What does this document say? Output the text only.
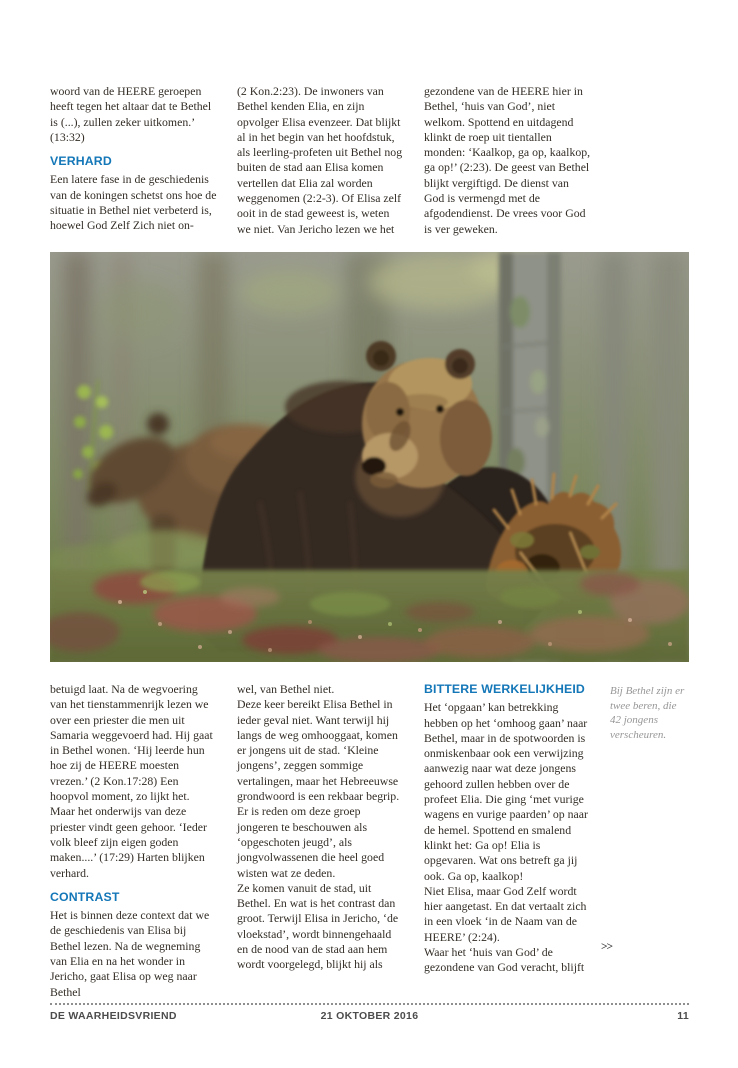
woord van de HEERE geroepen heeft tegen het altaar dat te Bethel is (...), zullen zeker uitkomen.’ (13:32)

VERHARD

Een latere fase in de geschiedenis van de koningen schetst ons hoe de situatie in Bethel niet verbeterd is, hoewel God Zelf Zich niet on-

(2 Kon.2:23). De inwoners van Bethel kenden Elia, en zijn opvolger Elisa evenzeer. Dat blijkt al in het begin van het hoofdstuk, als leerling-profeten uit Bethel nog buiten de stad aan Elisa komen vertellen dat Elia zal worden weggenomen (2:2-3). Of Elisa zelf ooit in de stad geweest is, weten we niet. Van Jericho lezen we het

gezondene van de HEERE hier in Bethel, ‘huis van God’, niet welkom. Spottend en uitdagend klinkt de roep uit tientallen monden: ‘Kaalkop, ga op, kaalkop, ga op!’ (2:23). De geest van Bethel blijkt vergiftigd. De dienst van God is vermengd met de afgodendienst. De vrees voor God is ver geweken.

betuigd laat. Na de wegvoering van het tienstammenrijk lezen we over een priester die men uit Samaria weggevoerd had. Hij gaat in Bethel wonen. ‘Hij leerde hun hoe zij de HEERE moesten vrezen.’ (2 Kon.17:28) Een hoopvol moment, zo lijkt het. Maar het onderwijs van deze priester vindt geen gehoor. ‘Ieder volk bleef zijn eigen goden maken....’ (17:29) Harten blijken verhard.

CONTRAST

Het is binnen deze context dat we de geschiedenis van Elisa bij Bethel lezen. Na de wegneming van Elia en na het wonder in Jericho, gaat Elisa op weg naar Bethel

wel, van Bethel niet.

Deze keer bereikt Elisa Bethel in ieder geval niet. Want terwijl hij langs de weg omhooggaat, komen er jongens uit de stad. ‘Kleine jongens’, zeggen sommige vertalingen, maar het Hebreeuwse grondwoord is een rekbaar begrip. Er is reden om deze groep jongeren te beschouwen als ‘opgeschoten jeugd’, als jongvolwassenen die heel goed wisten wat ze deden.

Ze komen vanuit de stad, uit Bethel. En wat is het contrast dan groot. Terwijl Elisa in Jericho, ‘de vloekstad’, wordt binnengehaald en de nood van de stad aan hem wordt voorgelegd, blijkt hij als

BITTERE WERKELIJKHEID

Het ‘opgaan’ kan betrekking hebben op het ‘omhoog gaan’ naar Bethel, maar in de spotwoorden is onmiskenbaar ook een verwijzing aanwezig naar wat deze jongens gehoord zullen hebben over de profeet Elia. Die ging ‘met vurige wagens en vurige paarden’ op naar de hemel. Spottend en smalend klinkt het: Ga op! Elia is opgevaren. Wat ons betreft ga jij ook. Ga op, kaalkop!

Niet Elisa, maar God Zelf wordt hier aangetast. En dat vertaalt zich in een vloek ‘in de Naam van de HEERE’ (2:24).

Waar het ‘huis van God’ de gezondene van God veracht, blijft

Bij Bethel zijn er twee beren, die 42 jongens verscheuren.
>>
DE WAARHEIDSVRIEND	21 OKTOBER 2016	11
